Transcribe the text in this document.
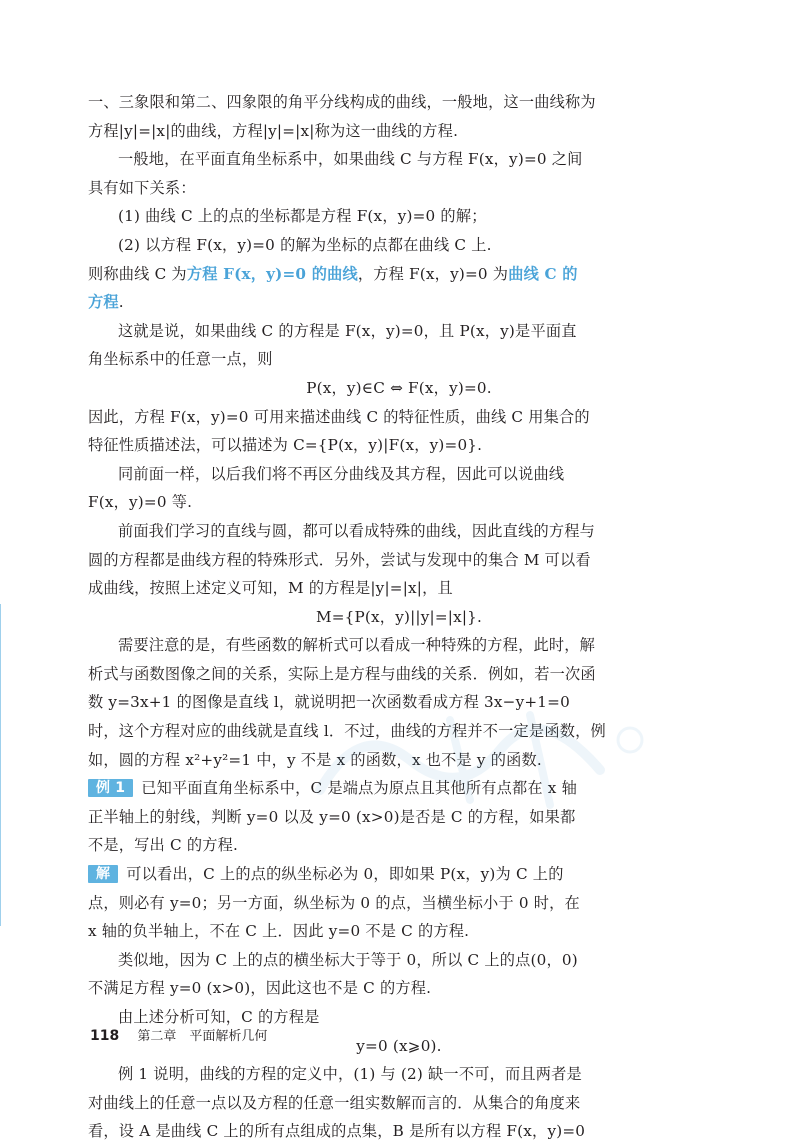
一、三象限和第二、四象限的角平分线构成的曲线，一般地，这一曲线称为

方程|y|=|x|的曲线，方程|y|=|x|称为这一曲线的方程.

一般地，在平面直角坐标系中，如果曲线 C 与方程 F(x，y)=0 之间

具有如下关系：

(1) 曲线 C 上的点的坐标都是方程 F(x，y)=0 的解；

(2) 以方程 F(x，y)=0 的解为坐标的点都在曲线 C 上.

则称曲线 C 为方程 F(x，y)=0 的曲线，方程 F(x，y)=0 为曲线 C 的

方程.

这就是说，如果曲线 C 的方程是 F(x，y)=0，且 P(x，y)是平面直

角坐标系中的任意一点，则

P(x，y)∈C ⇔ F(x，y)=0.

因此，方程 F(x，y)=0 可用来描述曲线 C 的特征性质，曲线 C 用集合的

特征性质描述法，可以描述为 C={P(x，y)|F(x，y)=0}.

同前面一样，以后我们将不再区分曲线及其方程，因此可以说曲线

F(x，y)=0 等.

前面我们学习的直线与圆，都可以看成特殊的曲线，因此直线的方程与

圆的方程都是曲线方程的特殊形式．另外，尝试与发现中的集合 M 可以看

成曲线，按照上述定义可知，M 的方程是|y|=|x|，且

M={P(x，y)||y|=|x|}.

需要注意的是，有些函数的解析式可以看成一种特殊的方程，此时，解

析式与函数图像之间的关系，实际上是方程与曲线的关系．例如，若一次函

数 y=3x+1 的图像是直线 l，就说明把一次函数看成方程 3x−y+1=0

时，这个方程对应的曲线就是直线 l．不过，曲线的方程并不一定是函数，例

如，圆的方程 x²+y²=1 中，y 不是 x 的函数，x 也不是 y 的函数.

例 1 已知平面直角坐标系中，C 是端点为原点且其他所有点都在 x 轴

正半轴上的射线，判断 y=0 以及 y=0 (x>0)是否是 C 的方程，如果都

不是，写出 C 的方程.

解 可以看出，C 上的点的纵坐标必为 0，即如果 P(x，y)为 C 上的

点，则必有 y=0；另一方面，纵坐标为 0 的点，当横坐标小于 0 时，在

x 轴的负半轴上，不在 C 上．因此 y=0 不是 C 的方程.

类似地，因为 C 上的点的横坐标大于等于 0，所以 C 上的点(0，0)

不满足方程 y=0 (x>0)，因此这也不是 C 的方程.

由上述分析可知，C 的方程是

y=0 (x⩾0).

例 1 说明，曲线的方程的定义中，(1) 与 (2) 缺一不可，而且两者是

对曲线上的任意一点以及方程的任意一组实数解而言的．从集合的角度来

看，设 A 是曲线 C 上的所有点组成的点集，B 是所有以方程 F(x，y)=0

118 第二章　平面解析几何
